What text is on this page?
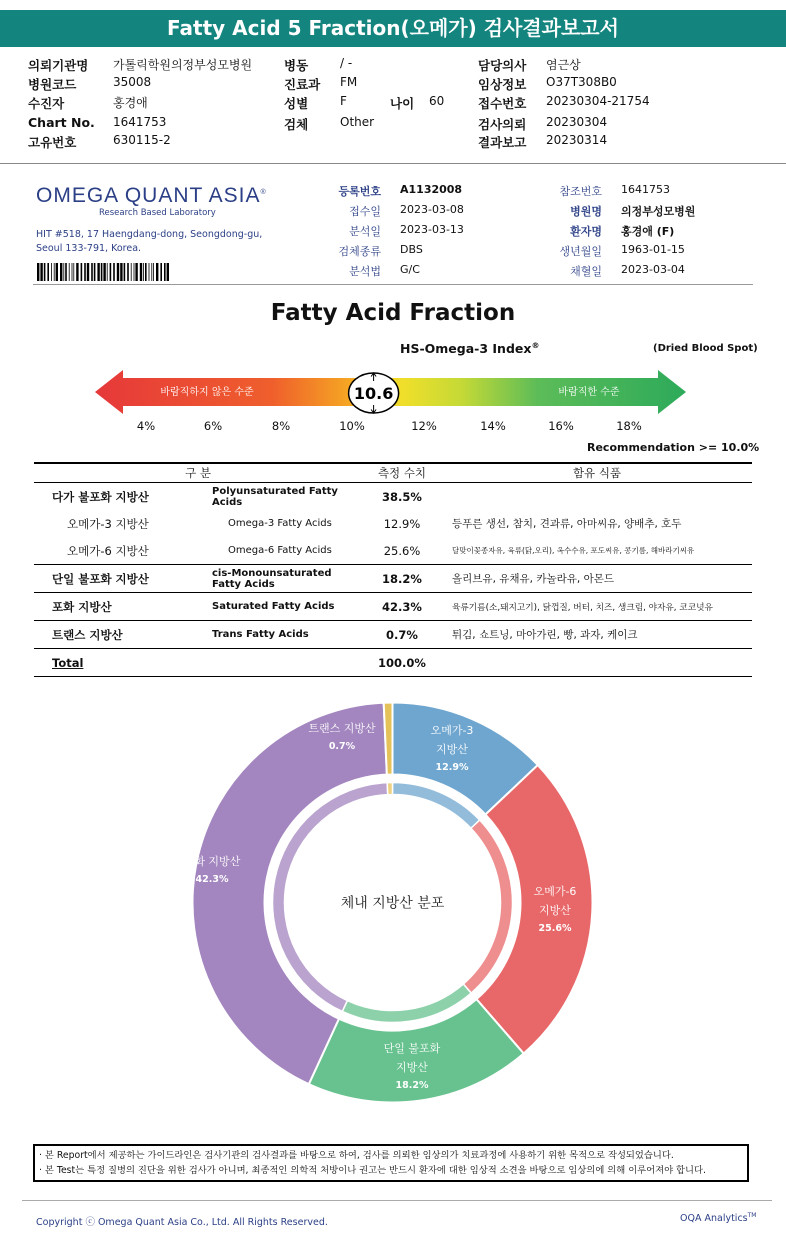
Fatty Acid 5 Fraction(오메가) 검사결과보고서
의뢰기관명 가톨릭학원의정부성모병원
병원코드	35008
수진자	홍경애
Chart No. 1641753
고유번호	630115-2
병동	/ -
진료과 FM
성별	F
검체	Other
나이 60
담당의사 염근상
임상정보 O37T308B0
접수번호 20230304-21754
검사의뢰 20230304
결과보고 20230314
OMEGA QUANT ASIA®
Research Based Laboratory
HIT #518, 17 Haengdang-dong, Seongdong-gu,
Seoul 133-791, Korea.
등록번호 A1132008
접수일 2023-03-08
분석일 2023-03-13
검체종류 DBS
분석법 G/C
참조번호 1641753
병원명 의정부성모병원
환자명 홍경애 (F)
생년월일 1963-01-15
채혈일 2023-03-04
Fatty Acid Fraction
HS-Omega-3 Index®	(Dried Blood Spot)
바람직하지 않은 수준	바람직한 수준
10.6
4%	6%	8%	10%	12%	14%	16%	18%
Recommendation >= 10.0%
구 분		측정 수치	함유 식품
다가 불포화 지방산	Polyunsaturated Fatty Acids	38.5%	
오메가-3 지방산	Omega-3 Fatty Acids	12.9%	등푸른 생선, 참치, 견과류, 아마씨유, 양배추, 호두
오메가-6 지방산	Omega-6 Fatty Acids	25.6%	달맞이꽃종자유, 육류(닭,오리), 옥수수유, 포도씨유, 콩기름, 해바라기씨유
단일 불포화 지방산	cis-Monounsaturated Fatty Acids	18.2%	올리브유, 유채유, 카놀라유, 아몬드
포화 지방산	Saturated Fatty Acids	42.3%	육류기름(소,돼지고기), 닭껍질, 버터, 치즈, 생크림, 야자유, 코코넛유
트랜스 지방산	Trans Fatty Acids	0.7%	튀김, 쇼트닝, 마아가린, 빵, 과자, 케이크
Total		100.0%	
오메가-3
지방산
12.9%
오메가-6
지방산
25.6%
단일 불포화
지방산
18.2%
포화 지방산
42.3%
트랜스 지방산
0.7%
체내 지방산 분포
· 본 Report에서 제공하는 가이드라인은 검사기관의 검사결과를 바탕으로 하여, 검사를 의뢰한 임상의가 치료과정에 사용하기 위한 목적으로 작성되었습니다.
· 본 Test는 특정 질병의 진단을 위한 검사가 아니며, 최종적인 의학적 처방이나 권고는 반드시 환자에 대한 임상적 소견을 바탕으로 임상의에 의해 이루어져야 합니다.
Copyright ⓒ Omega Quant Asia Co., Ltd. All Rights Reserved.	OQA Analytics™
